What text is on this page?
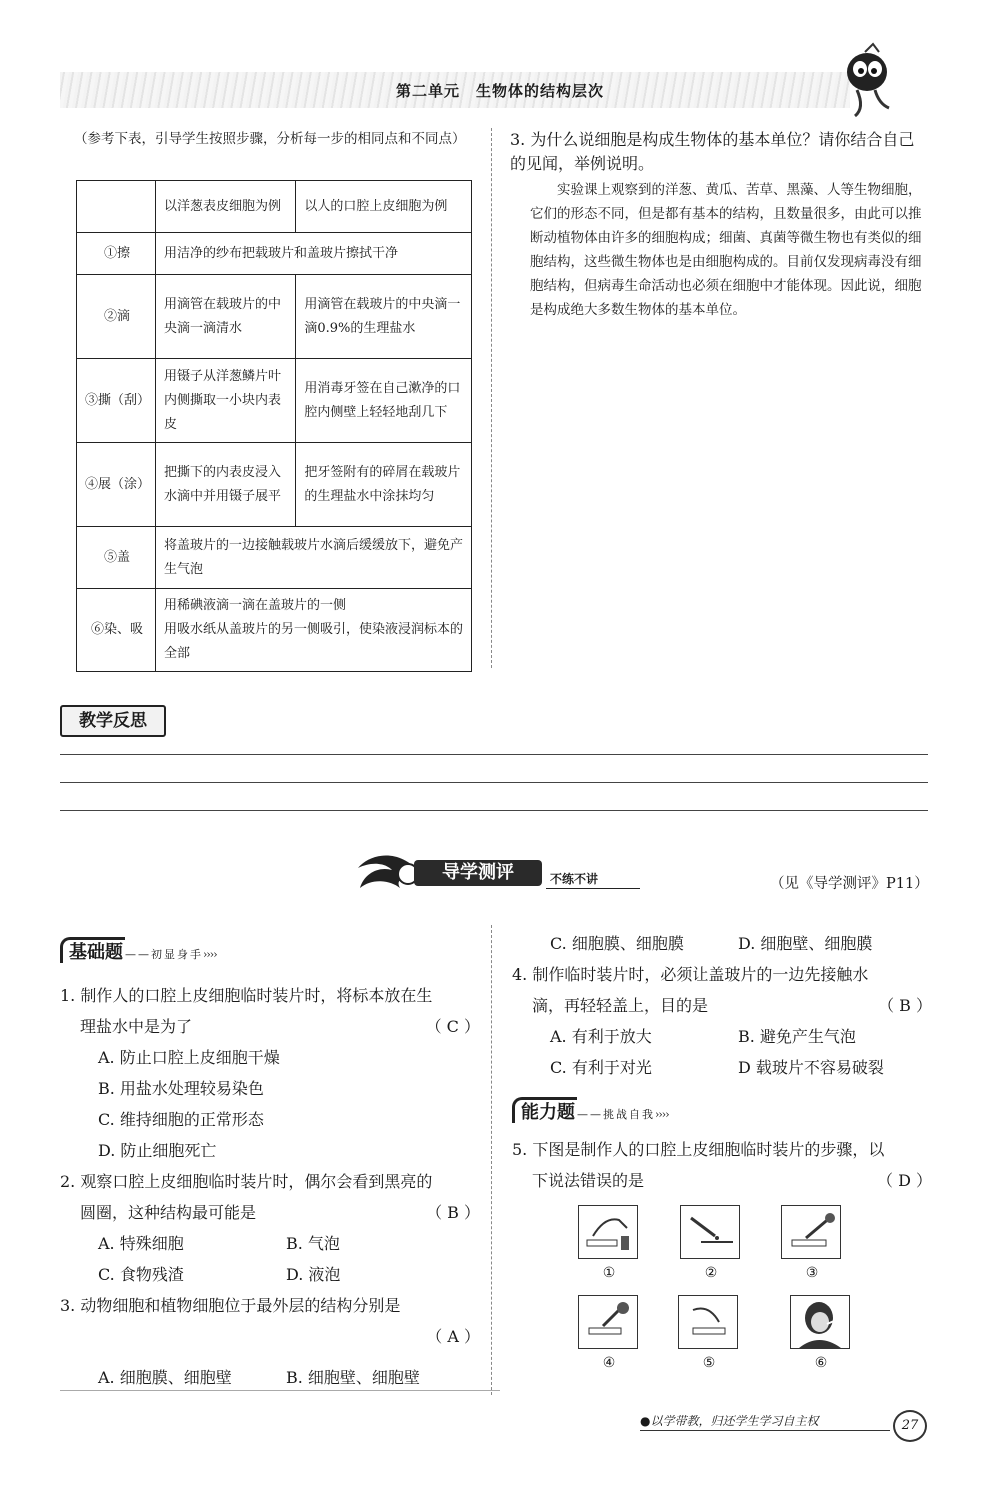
第二单元　生物体的结构层次
（参考下表，引导学生按照步骤，分析每一步的相同点和不同点）
	以洋葱表皮细胞为例	以人的口腔上皮细胞为例
①擦	用洁净的纱布把载玻片和盖玻片擦拭干净	
②滴	用滴管在载玻片的中央滴一滴清水	用滴管在载玻片的中央滴一滴0.9%的生理盐水
③撕（刮）	用镊子从洋葱鳞片叶内侧撕取一小块内表皮	用消毒牙签在自己漱净的口腔内侧壁上轻轻地刮几下
④展（涂）	把撕下的内表皮浸入水滴中并用镊子展平	把牙签附有的碎屑在载玻片的生理盐水中涂抹均匀
⑤盖	将盖玻片的一边接触载玻片水滴后缓缓放下，避免产生气泡	
⑥染、吸	用稀碘液滴一滴在盖玻片的一侧
用吸水纸从盖玻片的另一侧吸引，使染液浸润标本的全部	
3. 为什么说细胞是构成生物体的基本单位？请你结合自己的见闻，举例说明。
实验课上观察到的洋葱、黄瓜、苦草、黑藻、人等生物细胞，它们的形态不同，但是都有基本的结构，且数量很多，由此可以推断动植物体由许多的细胞构成；细菌、真菌等微生物也有类似的细胞结构，这些微生物体也是由细胞构成的。目前仅发现病毒没有细胞结构，但病毒生命活动也必须在细胞中才能体现。因此说，细胞是构成绝大多数生物体的基本单位。
教学反思
导学测评	不练不讲	（见《导学测评》P11）
基础题 ——初显身手››››
1. 制作人的口腔上皮细胞临时装片时，将标本放在生
理盐水中是为了	（ C ）
A. 防止口腔上皮细胞干燥
B. 用盐水处理较易染色
C. 维持细胞的正常形态
D. 防止细胞死亡
2. 观察口腔上皮细胞临时装片时，偶尔会看到黑亮的
圆圈，这种结构最可能是	（ B ）
A. 特殊细胞	B. 气泡
C. 食物残渣	D. 液泡
3. 动物细胞和植物细胞位于最外层的结构分别是
（ A ）
A. 细胞膜、细胞壁	B. 细胞壁、细胞壁
C. 细胞膜、细胞膜	D. 细胞壁、细胞膜
4. 制作临时装片时，必须让盖玻片的一边先接触水
滴，再轻轻盖上，目的是	（ B ）
A. 有利于放大	B. 避免产生气泡
C. 有利于对光	D 载玻片不容易破裂
能力题 ——挑战自我››››
5. 下图是制作人的口腔上皮细胞临时装片的步骤，以
下说法错误的是	（ D ）
①	②	③
④	⑤	⑥
●以学带教，归还学生学习自主权	27
